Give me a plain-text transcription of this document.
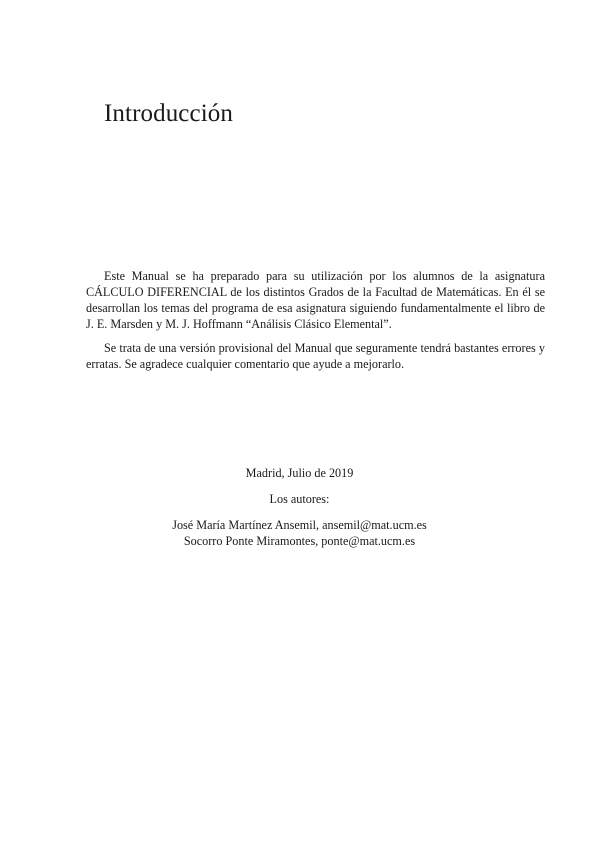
Introducción

Este Manual se ha preparado para su utilización por los alumnos de la asignatura CÁLCULO DIFERENCIAL de los distintos Grados de la Facultad de Matemáticas. En él se desarrollan los temas del programa de esa asignatura siguiendo fundamentalmente el libro de J. E. Marsden y M. J. Hoffmann “Análisis Clásico Elemental”.

Se trata de una versión provisional del Manual que seguramente tendrá bastantes errores y erratas. Se agradece cualquier comentario que ayude a mejorarlo.

Madrid, Julio de 2019
Los autores:
José María Martínez Ansemil, ansemil@mat.ucm.es
Socorro Ponte Miramontes, ponte@mat.ucm.es
